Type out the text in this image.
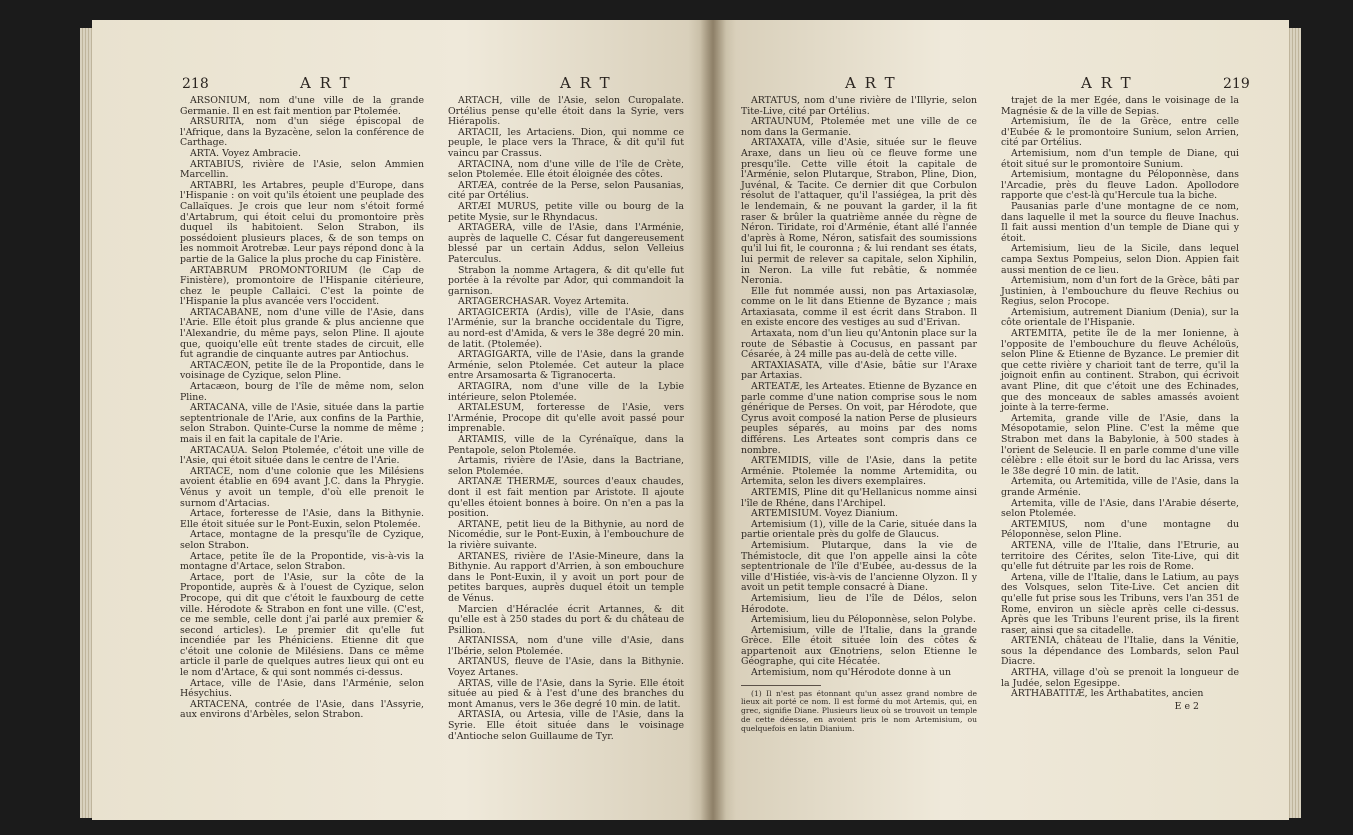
218	A R T	A R T

ARSONIUM, nom d'une ville de la grande Germanie. Il en est fait mention par Ptolemée.

ARSURITA, nom d'un siége épiscopal de l'Afrique, dans la Byzacène, selon la conférence de Carthage.

ARTA. Voyez Ambracie.

ARTABIUS, rivière de l'Asie, selon Ammien Marcellin.

ARTABRI, les Artabres, peuple d'Europe, dans l'Hispanie : on voit qu'ils étoient une peuplade des Callaïques. Je crois que leur nom s'étoit formé d'Artabrum, qui étoit celui du promontoire près duquel ils habitoient. Selon Strabon, ils possédoient plusieurs places, & de son temps on les nommoit Arotrebæ. Leur pays répond donc à la partie de la Galice la plus proche du cap Finistère.

ARTABRUM PROMONTORIUM (le Cap de Finistère), promontoire de l'Hispanie citérieure, chez le peuple Callaici. C'est la pointe de l'Hispanie la plus avancée vers l'occident.

ARTACABANE, nom d'une ville de l'Asie, dans l'Arie. Elle étoit plus grande & plus ancienne que l'Alexandrie, du même pays, selon Pline. Il ajoute que, quoiqu'elle eût trente stades de circuit, elle fut agrandie de cinquante autres par Antiochus.

ARTACÆON, petite île de la Propontide, dans le voisinage de Cyzique, selon Pline.

Artacæon, bourg de l'île de même nom, selon Pline.

ARTACANA, ville de l'Asie, située dans la partie septentrionale de l'Arie, aux confins de la Parthie, selon Strabon. Quinte-Curse la nomme de même ; mais il en fait la capitale de l'Arie.

ARTACAUA. Selon Ptolemée, c'étoit une ville de l'Asie, qui étoit située dans le centre de l'Arie.

ARTACE, nom d'une colonie que les Milésiens avoient établie en 694 avant J.C. dans la Phrygie. Vénus y avoit un temple, d'où elle prenoit le surnom d'Artacias.

Artace, forteresse de l'Asie, dans la Bithynie. Elle étoit située sur le Pont-Euxin, selon Ptolemée.

Artace, montagne de la presqu'île de Cyzique, selon Strabon.

Artace, petite île de la Propontide, vis-à-vis la montagne d'Artace, selon Strabon.

Artace, port de l'Asie, sur la côte de la Propontide, auprès & à l'ouest de Cyzique, selon Procope, qui dit que c'étoit le fauxbourg de cette ville. Hérodote & Strabon en font une ville. (C'est, ce me semble, celle dont j'ai parlé aux premier & second articles). Le premier dit qu'elle fut incendiée par les Phéniciens. Etienne dit que c'étoit une colonie de Milésiens. Dans ce même article il parle de quelques autres lieux qui ont eu le nom d'Artace, & qui sont nommés ci-dessus.

Artace, ville de l'Asie, dans l'Arménie, selon Hésychius.

ARTACENA, contrée de l'Asie, dans l'Assyrie, aux environs d'Arbèles, selon Strabon.

ARTACH, ville de l'Asie, selon Curopalate. Ortélius pense qu'elle étoit dans la Syrie, vers Hiérapolis.

ARTACII, les Artaciens. Dion, qui nomme ce peuple, le place vers la Thrace, & dit qu'il fut vaincu par Crassus.

ARTACINA, nom d'une ville de l'île de Crète, selon Ptolemée. Elle étoit éloignée des côtes.

ARTÆA, contrée de la Perse, selon Pausanias, cité par Ortélius.

ARTÆI MURUS, petite ville ou bourg de la petite Mysie, sur le Rhyndacus.

ARTAGERA, ville de l'Asie, dans l'Arménie, auprès de laquelle C. César fut dangereusement blessé par un certain Addus, selon Velleius Paterculus.

Strabon la nomme Artagera, & dit qu'elle fut portée à la révolte par Ador, qui commandoit la garnison.

ARTAGERCHASAR. Voyez Artemita.

ARTAGICERTA (Ardis), ville de l'Asie, dans l'Arménie, sur la branche occidentale du Tigre, au nord-est d'Amida, & vers le 38e degré 20 min. de latit. (Ptolemée).

ARTAGIGARTA, ville de l'Asie, dans la grande Arménie, selon Ptolemée. Cet auteur la place entre Arsamosarta & Tigranocerta.

ARTAGIRA, nom d'une ville de la Lybie intérieure, selon Ptolemée.

ARTALESUM, forteresse de l'Asie, vers l'Arménie, Procope dit qu'elle avoit passé pour imprenable.

ARTAMIS, ville de la Cyrénaïque, dans la Pentapole, selon Ptolemée.

Artamis, rivière de l'Asie, dans la Bactriane, selon Ptolemée.

ARTANÆ THERMÆ, sources d'eaux chaudes, dont il est fait mention par Aristote. Il ajoute qu'elles étoient bonnes à boire. On n'en a pas la position.

ARTANE, petit lieu de la Bithynie, au nord de Nicomédie, sur le Pont-Euxin, à l'embouchure de la rivière suivante.

ARTANES, rivière de l'Asie-Mineure, dans la Bithynie. Au rapport d'Arrien, à son embouchure dans le Pont-Euxin, il y avoit un port pour de petites barques, auprès duquel étoit un temple de Vénus.

Marcien d'Héraclée écrit Artannes, & dit qu'elle est à 250 stades du port & du château de Psillion.

ARTANISSA, nom d'une ville d'Asie, dans l'Ibérie, selon Ptolemée.

ARTANUS, fleuve de l'Asie, dans la Bithynie. Voyez Artanes.

ARTAS, ville de l'Asie, dans la Syrie. Elle étoit située au pied & à l'est d'une des branches du mont Amanus, vers le 36e degré 10 min. de latit.

ARTASIA, ou Artesia, ville de l'Asie, dans la Syrie. Elle étoit située dans le voisinage d'Antioche selon Guillaume de Tyr.

A R T	A R T	219

ARTATUS, nom d'une rivière de l'Illyrie, selon Tite-Live, cité par Ortélius.

ARTAUNUM, Ptolemée met une ville de ce nom dans la Germanie.

ARTAXATA, ville d'Asie, située sur le fleuve Araxe, dans un lieu où ce fleuve forme une presqu'île. Cette ville étoit la capitale de l'Arménie, selon Plutarque, Strabon, Pline, Dion, Juvénal, & Tacite. Ce dernier dit que Corbulon résolut de l'attaquer, qu'il l'assiégea, la prit dès le lendemain, & ne pouvant la garder, il la fit raser & brûler la quatrième année du règne de Néron. Tiridate, roi d'Arménie, étant allé l'année d'après à Rome, Néron, satisfait des soumissions qu'il lui fit, le couronna ; & lui rendant ses états, lui permit de relever sa capitale, selon Xiphilin, in Neron. La ville fut rebâtie, & nommée Neronia.

Elle fut nommée aussi, non pas Artaxiasolæ, comme on le lit dans Etienne de Byzance ; mais Artaxiasata, comme il est écrit dans Strabon. Il en existe encore des vestiges au sud d'Erivan.

Artaxata, nom d'un lieu qu'Antonin place sur la route de Sébastie à Cocusus, en passant par Césarée, à 24 mille pas au-delà de cette ville.

ARTAXIASATA, ville d'Asie, bâtie sur l'Araxe par Artaxias.

ARTEATÆ, les Arteates. Etienne de Byzance en parle comme d'une nation comprise sous le nom générique de Perses. On voit, par Hérodote, que Cyrus avoit composé la nation Perse de plusieurs peuples séparés, au moins par des noms différens. Les Arteates sont compris dans ce nombre.

ARTEMIDIS, ville de l'Asie, dans la petite Arménie. Ptolemée la nomme Artemidita, ou Artemita, selon les divers exemplaires.

ARTEMIS, Pline dit qu'Hellanicus nomme ainsi l'île de Rhéne, dans l'Archipel.

ARTEMISIUM. Voyez Dianium.

Artemisium (1), ville de la Carie, située dans la partie orientale près du golfe de Glaucus.

Artemisium. Plutarque, dans la vie de Thémistocle, dit que l'on appelle ainsi la côte septentrionale de l'île d'Eubée, au-dessus de la ville d'Histiée, vis-à-vis de l'ancienne Olyzon. Il y avoit un petit temple consacré à Diane.

Artemisium, lieu de l'île de Délos, selon Hérodote.

Artemisium, lieu du Péloponnèse, selon Polybe.

Artemisium, ville de l'Italie, dans la grande Grèce. Elle étoit située loin des côtes & appartenoit aux Œnotriens, selon Etienne le Géographe, qui cite Hécatée.

Artemisium, nom qu'Hérodote donne à un

(1) Il n'est pas étonnant qu'un assez grand nombre de lieux ait porté ce nom. Il est formé du mot Artemis, qui, en grec, signifie Diane. Plusieurs lieux où se trouvoit un temple de cette déesse, en avoient pris le nom Artemisium, ou quelquefois en latin Dianium.

trajet de la mer Egée, dans le voisinage de la Magnésie & de la ville de Sepias.

Artemisium, île de la Grèce, entre celle d'Eubée & le promontoire Sunium, selon Arrien, cité par Ortélius.

Artemisium, nom d'un temple de Diane, qui étoit situé sur le promontoire Sunium.

Artemisium, montagne du Péloponnèse, dans l'Arcadie, près du fleuve Ladon. Apollodore rapporte que c'est-là qu'Hercule tua la biche.

Pausanias parle d'une montagne de ce nom, dans laquelle il met la source du fleuve Inachus. Il fait aussi mention d'un temple de Diane qui y étoit.

Artemisium, lieu de la Sicile, dans lequel campa Sextus Pompeius, selon Dion. Appien fait aussi mention de ce lieu.

Artemisium, nom d'un fort de la Grèce, bâti par Justinien, à l'embouchure du fleuve Rechius ou Regius, selon Procope.

Artemisium, autrement Dianium (Denia), sur la côte orientale de l'Hispanie.

ARTEMITA, petite île de la mer Ionienne, à l'opposite de l'embouchure du fleuve Achéloüs, selon Pline & Etienne de Byzance. Le premier dit que cette rivière y charioit tant de terre, qu'il la joignoit enfin au continent. Strabon, qui écrivoit avant Pline, dit que c'étoit une des Echinades, que des monceaux de sables amassés avoient jointe à la terre-ferme.

Artemita, grande ville de l'Asie, dans la Mésopotamie, selon Pline. C'est la même que Strabon met dans la Babylonie, à 500 stades à l'orient de Seleucie. Il en parle comme d'une ville célèbre : elle étoit sur le bord du lac Arissa, vers le 38e degré 10 min. de latit.

Artemita, ou Artemitida, ville de l'Asie, dans la grande Arménie.

Artemita, ville de l'Asie, dans l'Arabie déserte, selon Ptolemée.

ARTEMIUS, nom d'une montagne du Péloponnèse, selon Pline.

ARTENA, ville de l'Italie, dans l'Etrurie, au territoire des Cérites, selon Tite-Live, qui dit qu'elle fut détruite par les rois de Rome.

Artena, ville de l'Italie, dans le Latium, au pays des Volsques, selon Tite-Live. Cet ancien dit qu'elle fut prise sous les Tribuns, vers l'an 351 de Rome, environ un siècle après celle ci-dessus. Après que les Tribuns l'eurent prise, ils la firent raser, ainsi que sa citadelle.

ARTENIA, château de l'Italie, dans la Vénitie, sous la dépendance des Lombards, selon Paul Diacre.

ARTHA, village d'où se prenoit la longueur de la Judée, selon Egesippe.

ARTHABATITÆ, les Arthabatites, ancien

E e 2
